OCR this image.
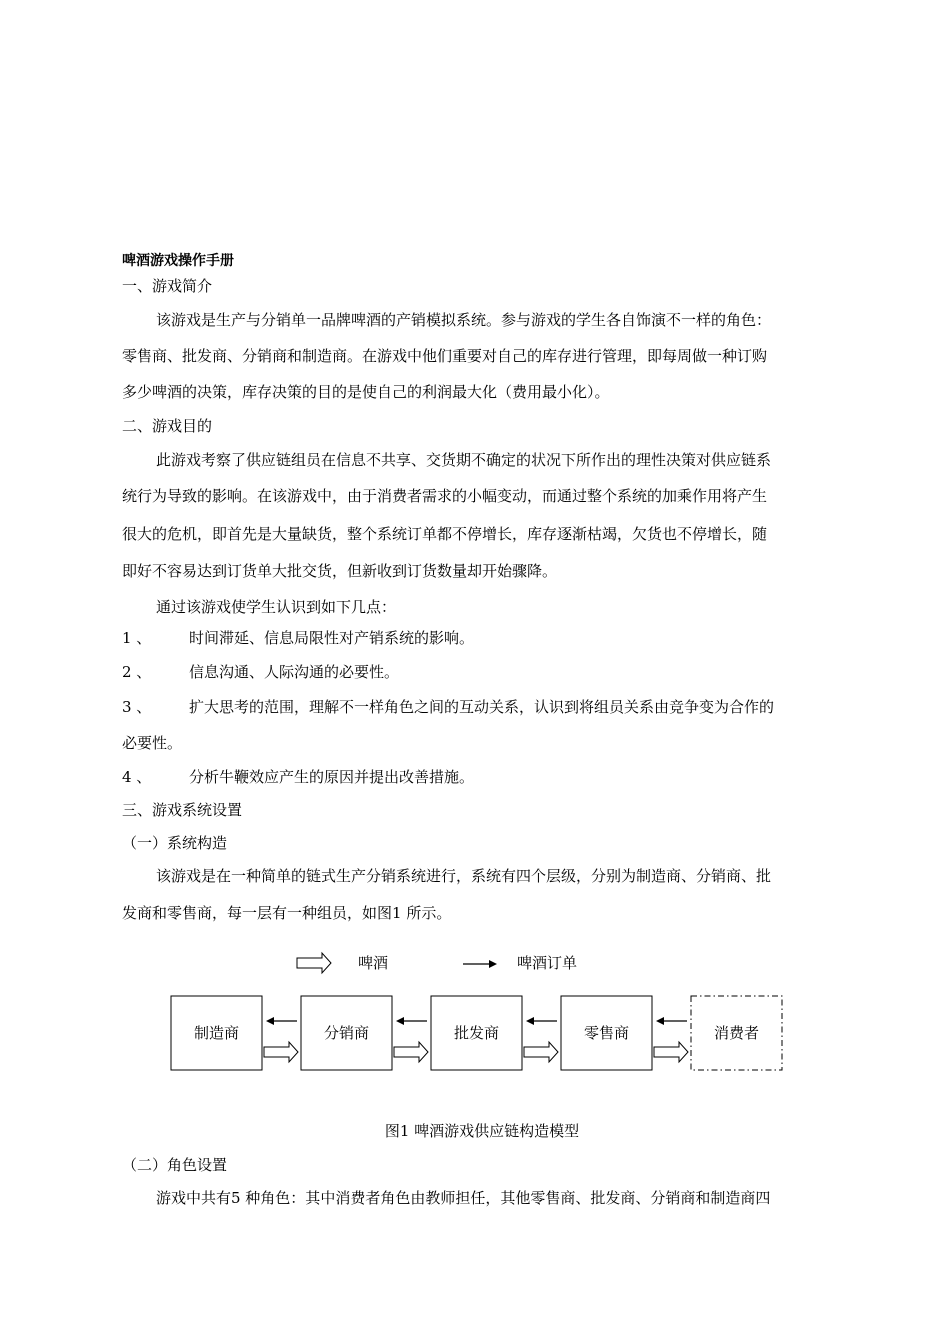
啤酒游戏操作手册
一、游戏简介
该游戏是生产与分销单一品牌啤酒的产销模拟系统。参与游戏的学生各自饰演不一样的角色：
零售商、批发商、分销商和制造商。在游戏中他们重要对自己的库存进行管理，即每周做一种订购
多少啤酒的决策，库存决策的目的是使自己的利润最大化（费用最小化）。
二、游戏目的
此游戏考察了供应链组员在信息不共享、交货期不确定的状况下所作出的理性决策对供应链系
统行为导致的影响。在该游戏中，由于消费者需求的小幅变动，而通过整个系统的加乘作用将产生
很大的危机，即首先是大量缺货，整个系统订单都不停增长，库存逐渐枯竭，欠货也不停增长，随
即好不容易达到订货单大批交货，但新收到订货数量却开始骤降。
通过该游戏使学生认识到如下几点：
1 、	时间滞延、信息局限性对产销系统的影响。
2 、	信息沟通、人际沟通的必要性。
3 、	扩大思考的范围，理解不一样角色之间的互动关系，认识到将组员关系由竞争变为合作的
必要性。
4 、	分析牛鞭效应产生的原因并提出改善措施。
三、游戏系统设置
（一）系统构造
该游戏是在一种简单的链式生产分销系统进行，系统有四个层级，分别为制造商、分销商、批
发商和零售商，每一层有一种组员，如图1 所示。
啤酒	啤酒订单
制造商	分销商	批发商	零售商	消费者
图1 啤酒游戏供应链构造模型
（二）角色设置
游戏中共有5 种角色：其中消费者角色由教师担任，其他零售商、批发商、分销商和制造商四
